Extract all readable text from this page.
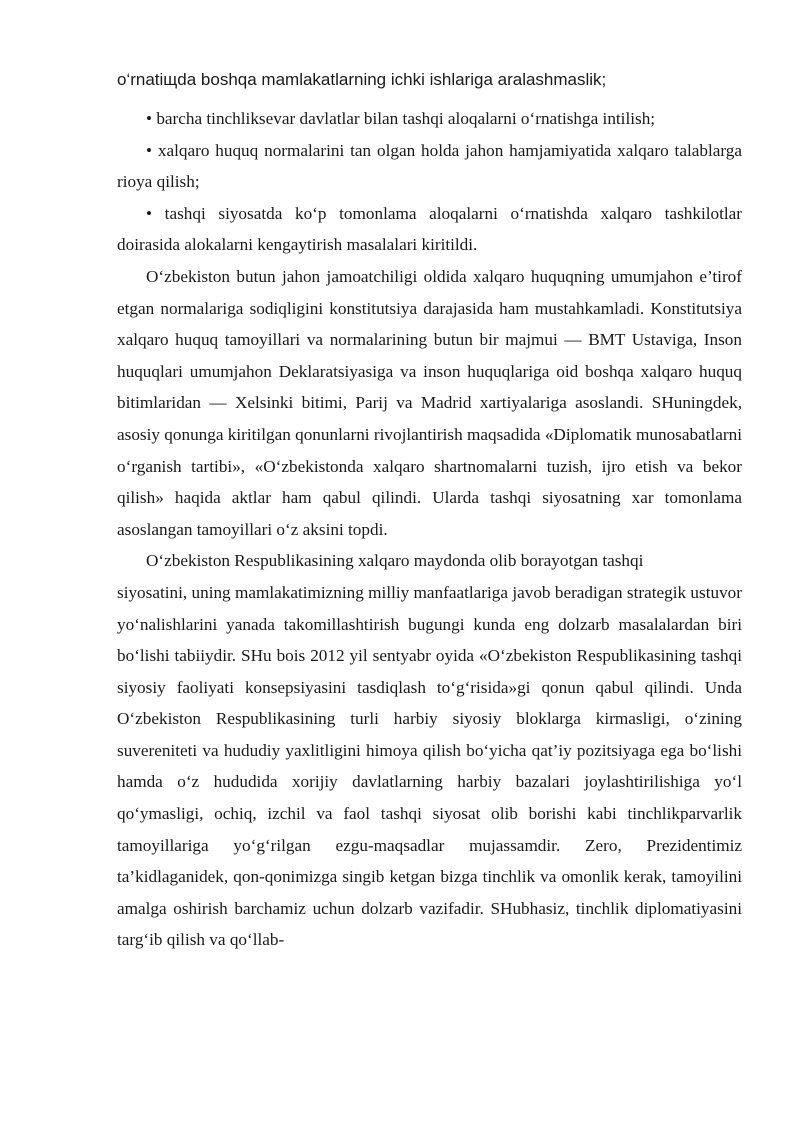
o‘rnatiщda boshqa mamlakatlarning ichki ishlariga aralashmaslik;

• barcha tinchliksevar davlatlar bilan tashqi aloqalarni o‘rnatishga intilish;

• xalqaro huquq normalarini tan olgan holda jahon hamjamiyatida xalqaro talablarga rioya qilish;

• tashqi siyosatda ko‘p tomonlama aloqalarni o‘rnatishda xalqaro tashkilotlar doirasida alokalarni kengaytirish masalalari kiritildi.

O‘zbekiston butun jahon jamoatchiligi oldida xalqaro huquqning umumjahon e’tirof etgan normalariga sodiqligini konstitutsiya darajasida ham mustahkamladi. Konstitutsiya xalqaro huquq tamoyillari va normalarining butun bir majmui — BMT Ustaviga, Inson huquqlari umumjahon Deklaratsiyasiga va inson huquqlariga oid boshqa xalqaro huquq bitimlaridan — Xelsinki bitimi, Parij va Madrid xartiyalariga asoslandi. SHuningdek, asosiy qonunga kiritilgan qonunlarni rivojlantirish maqsadida «Diplomatik munosabatlarni o‘rganish tartibi», «O‘zbekistonda xalqaro shartnomalarni tuzish, ijro etish va bekor qilish» haqida aktlar ham qabul qilindi. Ularda tashqi siyosatning xar tomonlama asoslangan tamoyillari o‘z aksini topdi.

O‘zbekiston Respublikasining xalqaro maydonda olib borayotgan tashqi

siyosatini, uning mamlakatimizning milliy manfaatlariga javob beradigan strategik ustuvor yo‘nalishlarini yanada takomillashtirish bugungi kunda eng dolzarb masalalardan biri bo‘lishi tabiiydir. SHu bois 2012 yil sentyabr oyida «O‘zbekiston Respublikasining tashqi siyosiy faoliyati konsepsiyasini tasdiqlash to‘g‘risida»gi qonun qabul qilindi. Unda O‘zbekiston Respublikasining turli harbiy siyosiy bloklarga kirmasligi, o‘zining suvereniteti va hududiy yaxlitligini himoya qilish bo‘yicha qat’iy pozitsiyaga ega bo‘lishi hamda o‘z hududida xorijiy davlatlarning harbiy bazalari joylashtirilishiga yo‘l qo‘ymasligi, ochiq, izchil va faol tashqi siyosat olib borishi kabi tinchlikparvarlik tamoyillariga yo‘g‘rilgan ezgu-maqsadlar mujassamdir. Zero, Prezidentimiz ta’kidlaganidek, qon-qonimizga singib ketgan bizga tinchlik va omonlik kerak, tamoyilini amalga oshirish barchamiz uchun dolzarb vazifadir. SHubhasiz, tinchlik diplomatiyasini targ‘ib qilish va qo‘llab-
